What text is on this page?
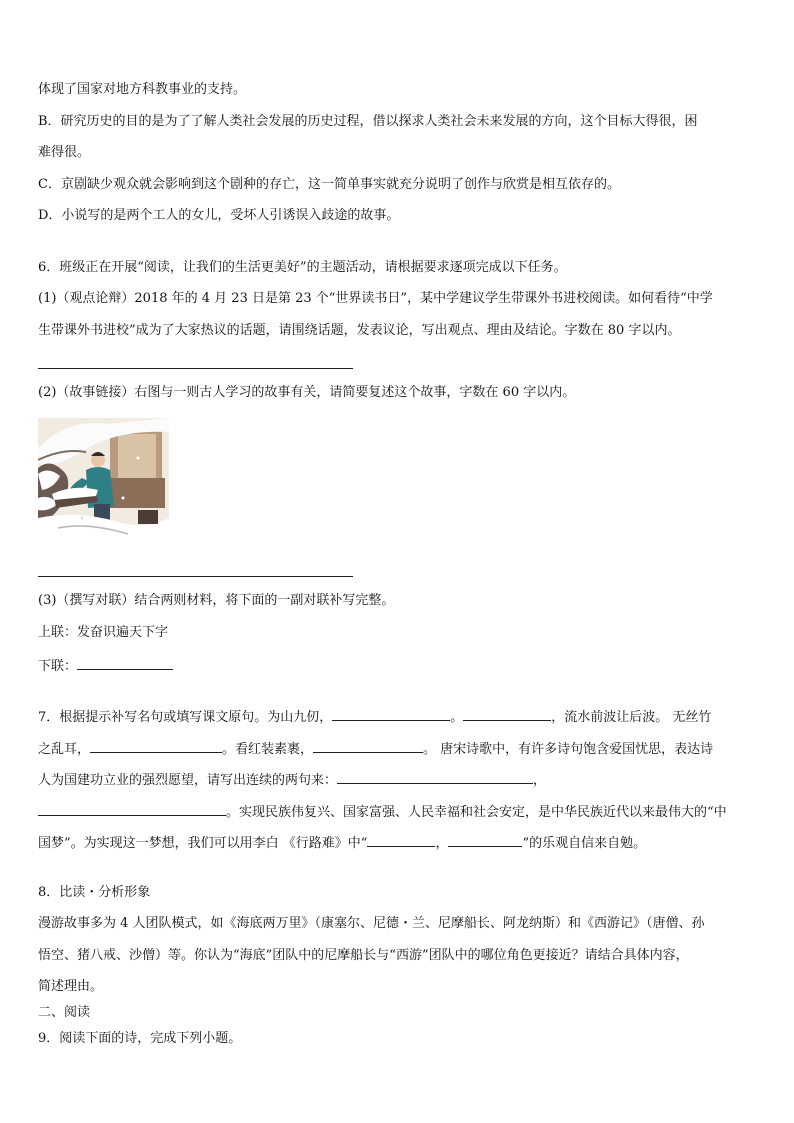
体现了国家对地方科教事业的支持。
B．研究历史的目的是为了了解人类社会发展的历史过程，借以探求人类社会未来发展的方向，这个目标大得很，困
难得很。
C．京剧缺少观众就会影响到这个剧种的存亡，这一简单事实就充分说明了创作与欣赏是相互依存的。
D．小说写的是两个工人的女儿，受坏人引诱误入歧途的故事。
6．班级正在开展“阅读，让我们的生活更美好”的主题活动，请根据要求逐项完成以下任务。
(1)（观点论辩）2018 年的 4 月 23 日是第 23 个“世界读书日”，某中学建议学生带课外书进校阅读。如何看待“中学
生带课外书进校”成为了大家热议的话题，请围绕话题，发表议论，写出观点、理由及结论。字数在 80 字以内。
(2)（故事链接）右图与一则古人学习的故事有关，请简要复述这个故事，字数在 60 字以内。
(3)（撰写对联）结合两则材料，将下面的一副对联补写完整。
上联：发奋识遍天下字
下联：
7．根据提示补写名句或填写课文原句。为山九仞，	。	，流水前波让后波。 无丝竹
之乱耳，	。看红装素裹，	。 唐宋诗歌中，有许多诗句饱含爱国忧思，表达诗
人为国建功立业的强烈愿望，请写出连续的两句来：	，
。实现民族伟复兴、国家富强、人民幸福和社会安定，是中华民族近代以来最伟大的“中
国梦”。为实现这一梦想，我们可以用李白 《行路难》中“	，	”的乐观自信来自勉。
8．比读・分析形象
漫游故事多为 4 人团队模式，如《海底两万里》（康塞尔、尼德・兰、尼摩船长、阿龙纳斯）和《西游记》（唐僧、孙
悟空、猪八戒、沙僧）等。你认为“海底”团队中的尼摩船长与“西游”团队中的哪位角色更接近？请结合具体内容，
简述理由。
二、阅读
9．阅读下面的诗，完成下列小题。
